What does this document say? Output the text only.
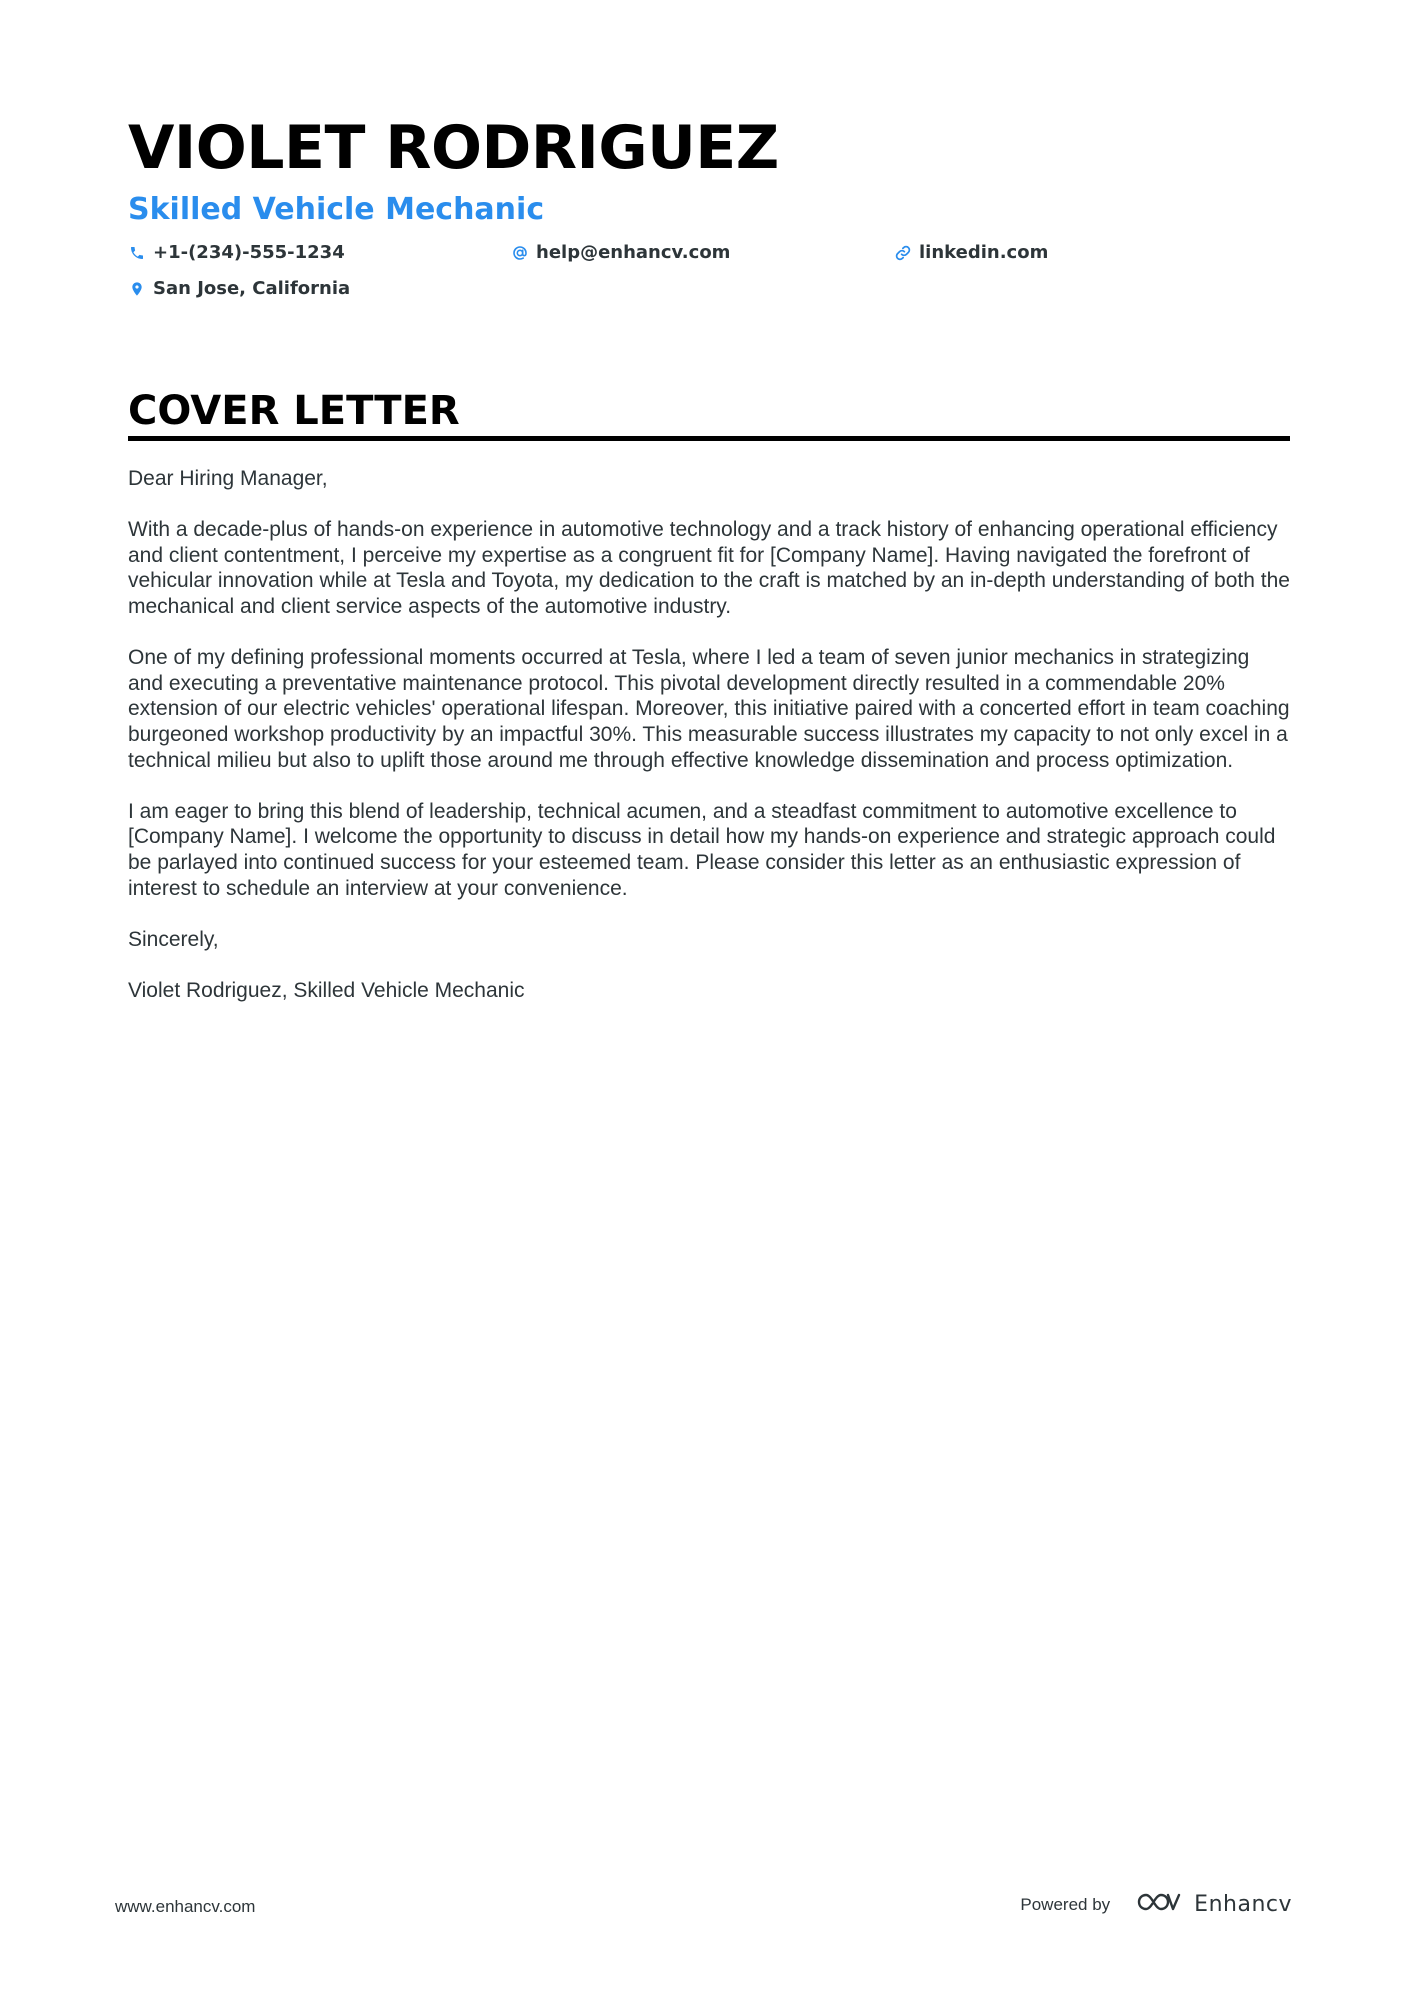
VIOLET RODRIGUEZ
Skilled Vehicle Mechanic
+1-(234)-555-1234	help@enhancv.com	linkedin.com
San Jose, California
COVER LETTER

Dear Hiring Manager,

With a decade-plus of hands-on experience in automotive technology and a track history of enhancing operational efficiency and client contentment, I perceive my expertise as a congruent fit for [Company Name]. Having navigated the forefront of vehicular innovation while at Tesla and Toyota, my dedication to the craft is matched by an in-depth understanding of both the mechanical and client service aspects of the automotive industry.

One of my defining professional moments occurred at Tesla, where I led a team of seven junior mechanics in strategizing and executing a preventative maintenance protocol. This pivotal development directly resulted in a commendable 20% extension of our electric vehicles' operational lifespan. Moreover, this initiative paired with a concerted effort in team coaching burgeoned workshop productivity by an impactful 30%. This measurable success illustrates my capacity to not only excel in a technical milieu but also to uplift those around me through effective knowledge dissemination and process optimization.

I am eager to bring this blend of leadership, technical acumen, and a steadfast commitment to automotive excellence to [Company Name]. I welcome the opportunity to discuss in detail how my hands-on experience and strategic approach could be parlayed into continued success for your esteemed team. Please consider this letter as an enthusiastic expression of interest to schedule an interview at your convenience.

Sincerely,

Violet Rodriguez, Skilled Vehicle Mechanic

www.enhancv.com	Powered by	Enhancv
